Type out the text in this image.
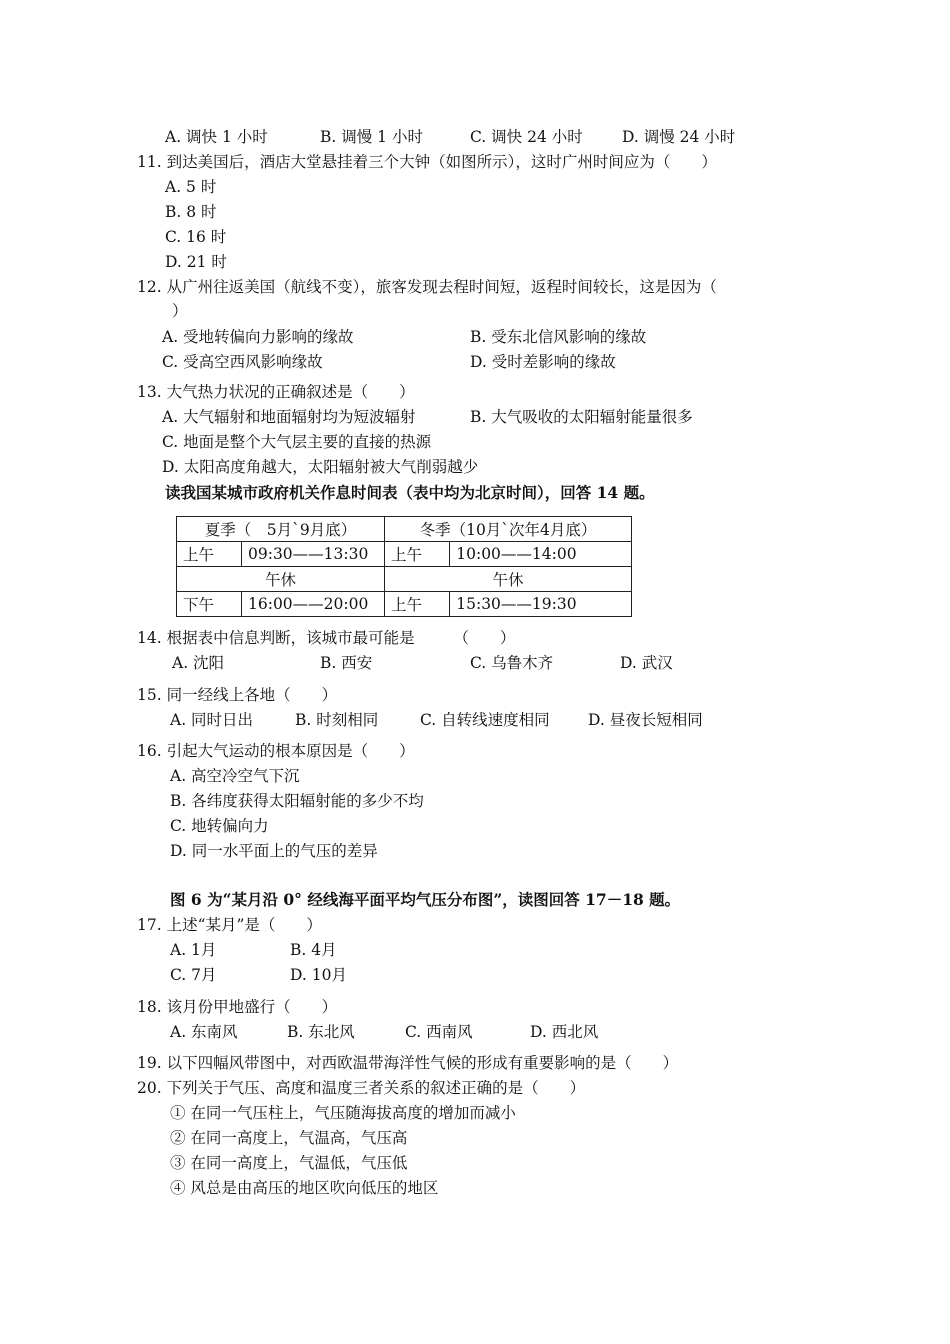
A. 调快 1 小时	B. 调慢 1 小时	C. 调快 24 小时	D. 调慢 24 小时
11. 到达美国后，酒店大堂悬挂着三个大钟（如图所示），这时广州时间应为（　　）
A. 5 时
B. 8 时
C. 16 时
D. 21 时
12. 从广州往返美国（航线不变），旅客发现去程时间短，返程时间较长，这是因为（
）
A. 受地转偏向力影响的缘故	B. 受东北信风影响的缘故
C. 受高空西风影响缘故	D. 受时差影响的缘故
13. 大气热力状况的正确叙述是（　　）
A. 大气辐射和地面辐射均为短波辐射	B. 大气吸收的太阳辐射能量很多
C. 地面是整个大气层主要的直接的热源
D. 太阳高度角越大，太阳辐射被大气削弱越少
读我国某城市政府机关作息时间表（表中均为北京时间），回答 14 题。
夏季（　5月`9月底）		冬季（10月`次年4月底）	
上午	09:30——13:30	上午	10:00——14:00
午休		午休	
下午	16:00——20:00	上午	15:30——19:30
14. 根据表中信息判断，该城市最可能是　　　（　　）
A. 沈阳	B. 西安	C. 乌鲁木齐	D. 武汉
15. 同一经线上各地（　　）
A. 同时日出	B. 时刻相同	C. 自转线速度相同 D. 昼夜长短相同
16. 引起大气运动的根本原因是（　　）
A. 高空冷空气下沉
B. 各纬度获得太阳辐射能的多少不均
C. 地转偏向力
D. 同一水平面上的气压的差异
图 6 为“某月沿 0° 经线海平面平均气压分布图”，读图回答 17－18 题。
17. 上述“某月”是（　　）
A. 1月	B. 4月
C. 7月	D. 10月
18. 该月份甲地盛行（　　）
A. 东南风	B. 东北风	C. 西南风	D. 西北风
19. 以下四幅风带图中，对西欧温带海洋性气候的形成有重要影响的是（　　）
20. 下列关于气压、高度和温度三者关系的叙述正确的是（　　）
① 在同一气压柱上，气压随海拔高度的增加而减小
② 在同一高度上，气温高，气压高
③ 在同一高度上，气温低，气压低
④ 风总是由高压的地区吹向低压的地区
